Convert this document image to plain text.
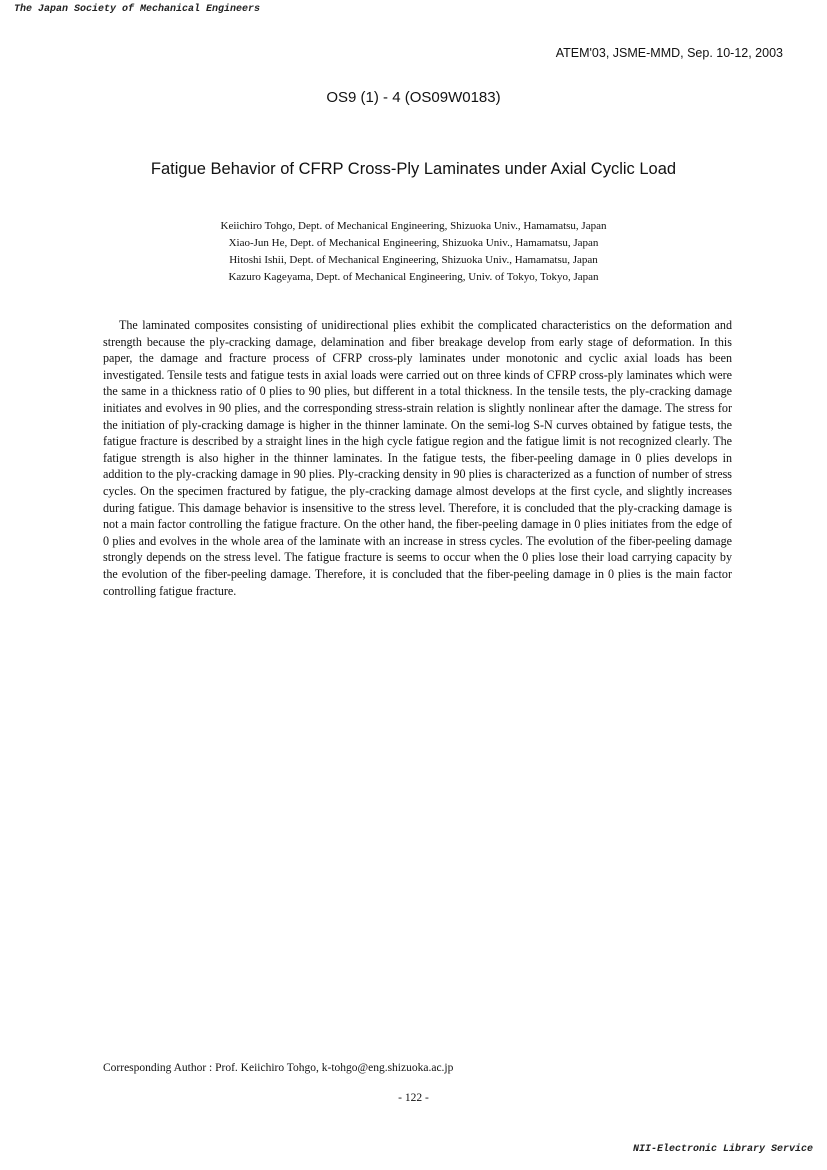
The Japan Society of Mechanical Engineers
ATEM'03, JSME-MMD, Sep. 10-12, 2003
OS9 (1) - 4 (OS09W0183)
Fatigue Behavior of CFRP Cross-Ply Laminates under Axial Cyclic Load
Keiichiro Tohgo, Dept. of Mechanical Engineering, Shizuoka Univ., Hamamatsu, Japan
Xiao-Jun He, Dept. of Mechanical Engineering, Shizuoka Univ., Hamamatsu, Japan
Hitoshi Ishii, Dept. of Mechanical Engineering, Shizuoka Univ., Hamamatsu, Japan
Kazuro Kageyama, Dept. of Mechanical Engineering, Univ. of Tokyo, Tokyo, Japan

The laminated composites consisting of unidirectional plies exhibit the complicated characteristics on the deformation and strength because the ply-cracking damage, delamination and fiber breakage develop from early stage of deformation. In this paper, the damage and fracture process of CFRP cross-ply laminates under monotonic and cyclic axial loads has been investigated. Tensile tests and fatigue tests in axial loads were carried out on three kinds of CFRP cross-ply laminates which were the same in a thickness ratio of 0 plies to 90 plies, but different in a total thickness. In the tensile tests, the ply-cracking damage initiates and evolves in 90 plies, and the corresponding stress-strain relation is slightly nonlinear after the damage. The stress for the initiation of ply-cracking damage is higher in the thinner laminate. On the semi-log S-N curves obtained by fatigue tests, the fatigue fracture is described by a straight lines in the high cycle fatigue region and the fatigue limit is not recognized clearly. The fatigue strength is also higher in the thinner laminates. In the fatigue tests, the fiber-peeling damage in 0 plies develops in addition to the ply-cracking damage in 90 plies. Ply-cracking density in 90 plies is characterized as a function of number of stress cycles. On the specimen fractured by fatigue, the ply-cracking damage almost develops at the first cycle, and slightly increases during fatigue. This damage behavior is insensitive to the stress level. Therefore, it is concluded that the ply-cracking damage is not a main factor controlling the fatigue fracture. On the other hand, the fiber-peeling damage in 0 plies initiates from the edge of 0 plies and evolves in the whole area of the laminate with an increase in stress cycles. The evolution of the fiber-peeling damage strongly depends on the stress level. The fatigue fracture is seems to occur when the 0 plies lose their load carrying capacity by the evolution of the fiber-peeling damage. Therefore, it is concluded that the fiber-peeling damage in 0 plies is the main factor controlling fatigue fracture.

Corresponding Author : Prof. Keiichiro Tohgo, k-tohgo@eng.shizuoka.ac.jp
- 122 -
NII-Electronic Library Service
